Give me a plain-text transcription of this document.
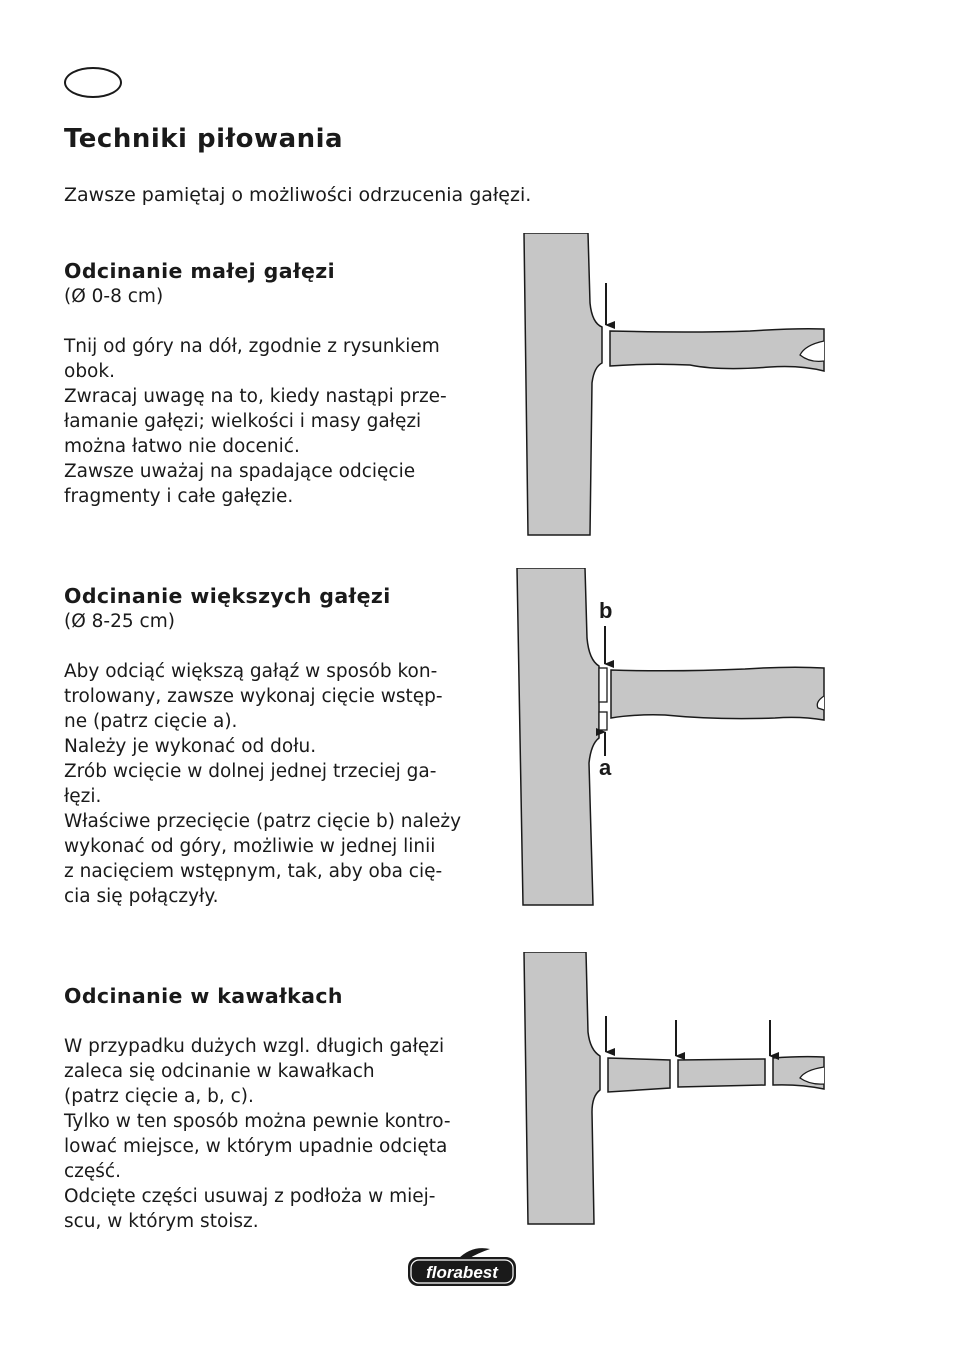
Techniki piłowania

Zawsze pamiętaj o możliwości odrzucenia gałęzi.

Odcinanie małej gałęzi

(Ø 0-8 cm)

Tnij od góry na dół, zgodnie z rysunkiem

obok.

Zwracaj uwagę na to, kiedy nastąpi prze-

łamanie gałęzi; wielkości i masy gałęzi

można łatwo nie docenić.

Zawsze uważaj na spadające odcięcie

fragmenty i całe gałęzie.

Odcinanie większych gałęzi

(Ø 8-25 cm)

Aby odciąć większą gałąź w sposób kon-

trolowany, zawsze wykonaj cięcie wstęp-

ne (patrz cięcie a).

Należy je wykonać od dołu.

Zrób wcięcie w dolnej jednej trzeciej ga-

łęzi.

Właściwe przecięcie (patrz cięcie b) należy

wykonać od góry, możliwie w jednej linii

z nacięciem wstępnym, tak, aby oba cię-

cia się połączyły.

Odcinanie w kawałkach

W przypadku dużych wzgl. długich gałęzi

zaleca się odcinanie w kawałkach

(patrz cięcie a, b, c).

Tylko w ten sposób można pewnie kontro-

lować miejsce, w którym upadnie odcięta

część.

Odcięte części usuwaj z podłoża w miej-

scu, w którym stoisz.

b
a
florabest
